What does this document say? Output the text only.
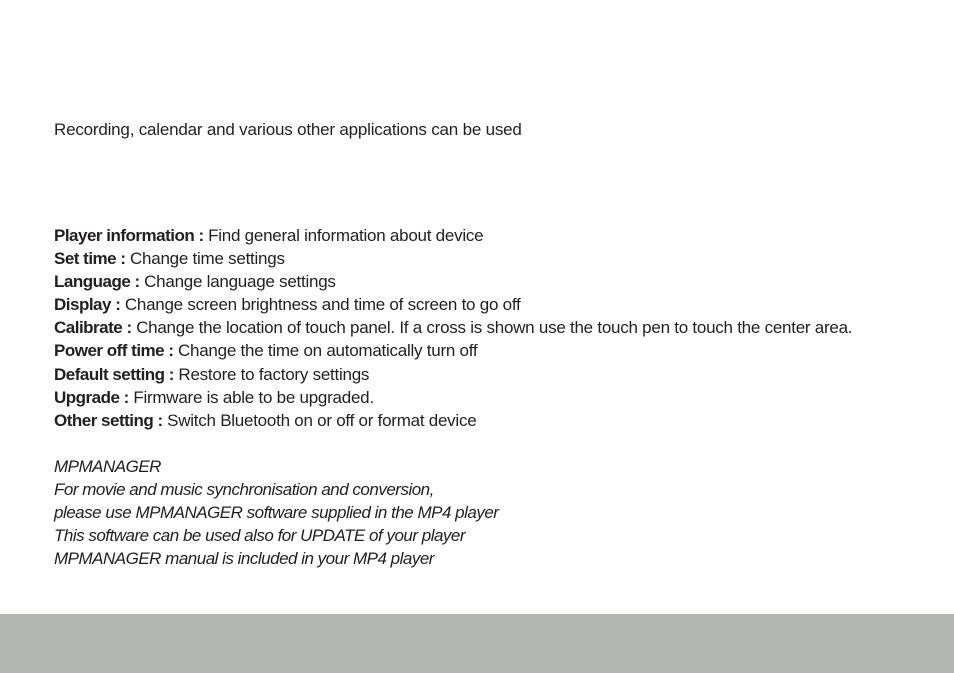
Recording, calendar and various other applications can be used
Player information : Find general information about device
Set time : Change time settings
Language : Change language settings
Display : Change screen brightness and time of screen to go off
Calibrate : Change the location of touch panel. If a cross is shown use the touch pen to touch the center area.
Power off time : Change the time on automatically turn off
Default setting : Restore to factory settings
Upgrade : Firmware is able to be upgraded.
Other setting : Switch Bluetooth on or off or format device
MPMANAGER
For movie and music synchronisation and conversion,
please use MPMANAGER software supplied in the MP4 player
This software can be used also for UPDATE of your player
MPMANAGER manual is included in your MP4 player
